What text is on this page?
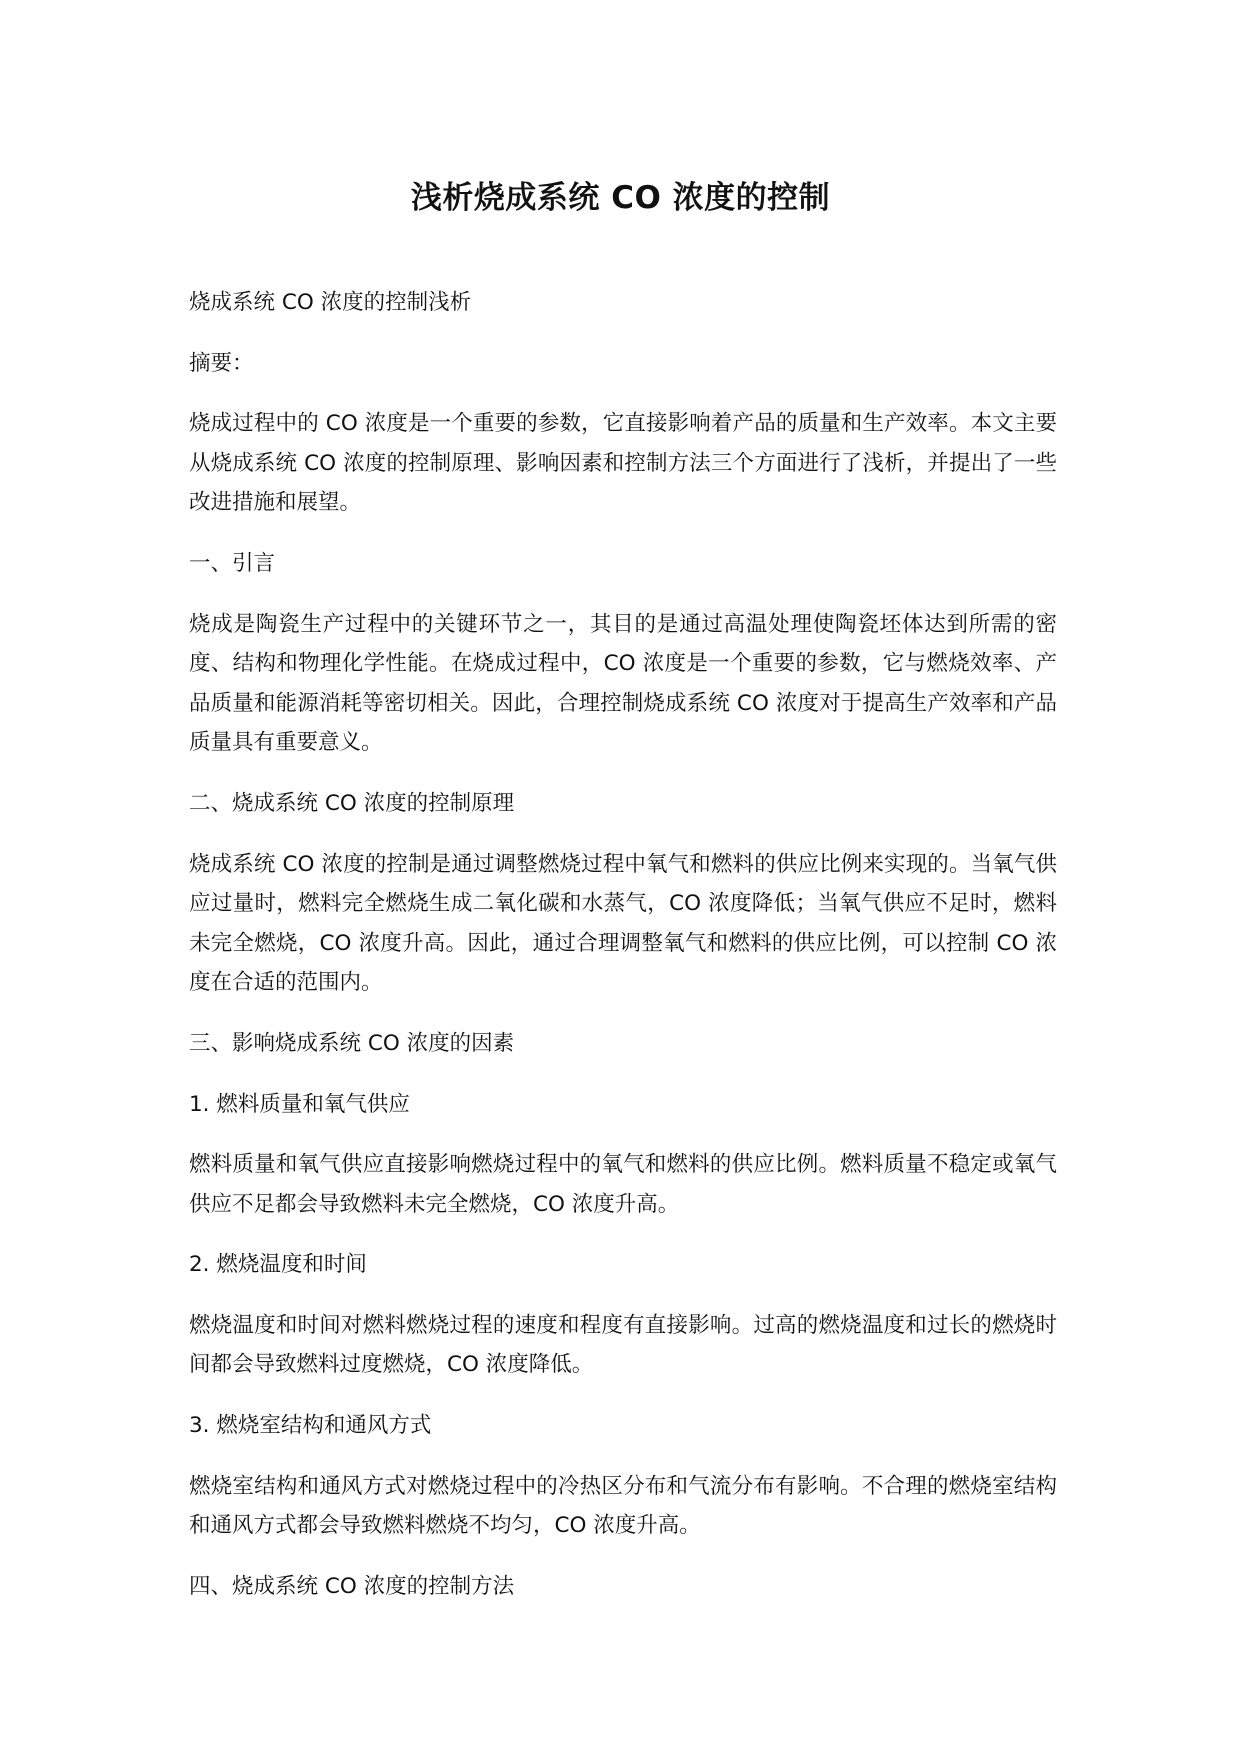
浅析烧成系统 CO 浓度的控制

烧成系统 CO 浓度的控制浅析

摘要：

烧成过程中的 CO 浓度是一个重要的参数，它直接影响着产品的质量和生产效率。本文主要从烧成系统 CO 浓度的控制原理、影响因素和控制方法三个方面进行了浅析，并提出了一些改进措施和展望。

一、引言

烧成是陶瓷生产过程中的关键环节之一，其目的是通过高温处理使陶瓷坯体达到所需的密度、结构和物理化学性能。在烧成过程中，CO 浓度是一个重要的参数，它与燃烧效率、产品质量和能源消耗等密切相关。因此，合理控制烧成系统 CO 浓度对于提高生产效率和产品质量具有重要意义。

二、烧成系统 CO 浓度的控制原理

烧成系统 CO 浓度的控制是通过调整燃烧过程中氧气和燃料的供应比例来实现的。当氧气供应过量时，燃料完全燃烧生成二氧化碳和水蒸气，CO 浓度降低；当氧气供应不足时，燃料未完全燃烧，CO 浓度升高。因此，通过合理调整氧气和燃料的供应比例，可以控制 CO 浓度在合适的范围内。

三、影响烧成系统 CO 浓度的因素

1. 燃料质量和氧气供应

燃料质量和氧气供应直接影响燃烧过程中的氧气和燃料的供应比例。燃料质量不稳定或氧气供应不足都会导致燃料未完全燃烧，CO 浓度升高。

2. 燃烧温度和时间

燃烧温度和时间对燃料燃烧过程的速度和程度有直接影响。过高的燃烧温度和过长的燃烧时间都会导致燃料过度燃烧，CO 浓度降低。

3. 燃烧室结构和通风方式

燃烧室结构和通风方式对燃烧过程中的冷热区分布和气流分布有影响。不合理的燃烧室结构和通风方式都会导致燃料燃烧不均匀，CO 浓度升高。

四、烧成系统 CO 浓度的控制方法
